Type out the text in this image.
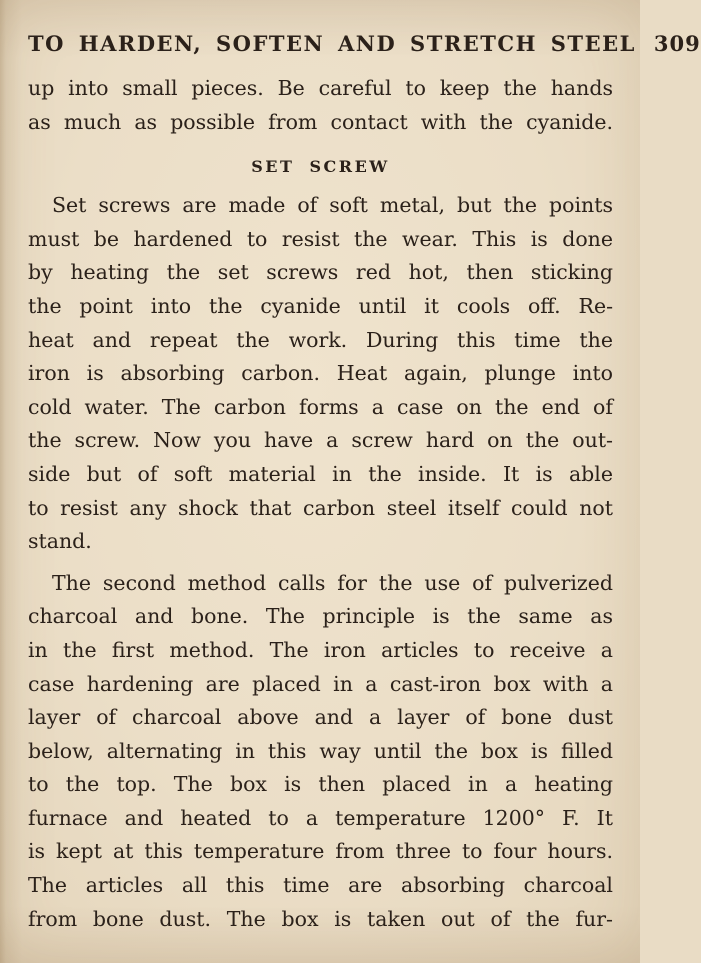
TO HARDEN, SOFTEN AND STRETCH STEEL 309
up into small pieces. Be careful to keep the hands
as much as possible from contact with the cyanide.
SET SCREW
Set screws are made of soft metal, but the points
must be hardened to resist the wear. This is done
by heating the set screws red hot, then sticking
the point into the cyanide until it cools off. Re-
heat and repeat the work. During this time the
iron is absorbing carbon. Heat again, plunge into
cold water. The carbon forms a case on the end of
the screw. Now you have a screw hard on the out-
side but of soft material in the inside. It is able
to resist any shock that carbon steel itself could not
stand.
The second method calls for the use of pulverized
charcoal and bone. The principle is the same as
in the first method. The iron articles to receive a
case hardening are placed in a cast-iron box with a
layer of charcoal above and a layer of bone dust
below, alternating in this way until the box is filled
to the top. The box is then placed in a heating
furnace and heated to a temperature 1200° F. It
is kept at this temperature from three to four hours.
The articles all this time are absorbing charcoal
from bone dust. The box is taken out of the fur-
